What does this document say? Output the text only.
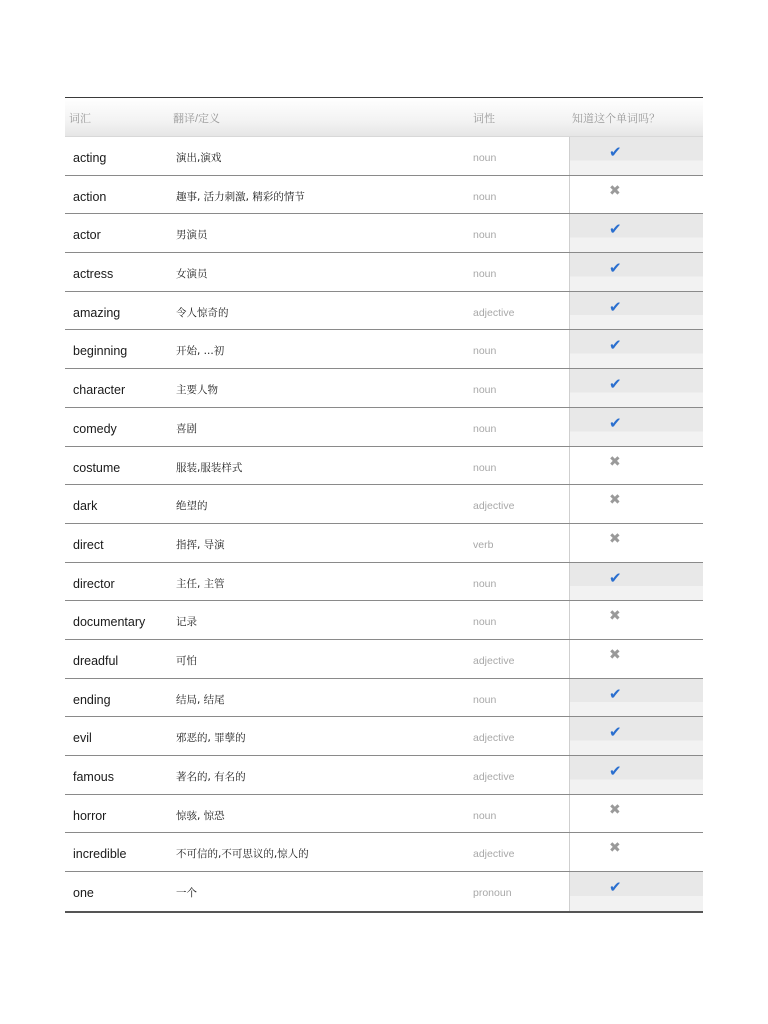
词汇	翻译/定义	词性	知道这个单词吗？
acting	演出,演戏	noun	✔
action	趣事, 活力刺激, 精彩的情节	noun	✖
actor	男演员	noun	✔
actress	女演员	noun	✔
amazing	令人惊奇的	adjective	✔
beginning	开始, ...初	noun	✔
character	主要人物	noun	✔
comedy	喜剧	noun	✔
costume	服装,服装样式	noun	✖
dark	绝望的	adjective	✖
direct	指挥, 导演	verb	✖
director	主任, 主管	noun	✔
documentary	记录	noun	✖
dreadful	可怕	adjective	✖
ending	结局, 结尾	noun	✔
evil	邪恶的, 罪孽的	adjective	✔
famous	著名的, 有名的	adjective	✔
horror	惊骇, 惊恐	noun	✖
incredible	不可信的,不可思议的,惊人的	adjective	✖
one	一个	pronoun	✔
